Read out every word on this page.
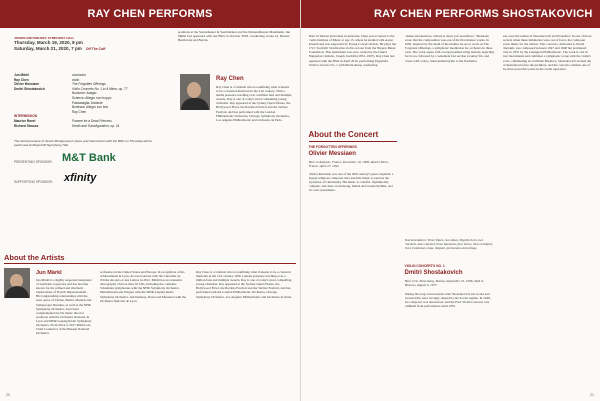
RAY CHEN PERFORMS
JOSEPH MEYERHOFF SYMPHONY HALL
Thursday, March 19, 2020, 8 pm
Saturday, March 21, 2020, 7 pm Off The Cuff
Jun Märkl	conductor
Ray Chen	violin
Olivier Messiaen	The Forgotten Offerings
Dmitri Shostakovich	Violin Concerto No. 1 in A Minor, op. 77
Nocturne: Adagio
Scherzo: Allegro non troppo
Passacaglia: Andante
Burlesca: Allegro con brio
Ray Chen
INTERMISSION
Maurice Ravel	Pavane for a Dead Princess
Richard Strauss	Death and Transfiguration, op. 24
The world premiere of Jessie Montgomery's piece and intermission with the BSO on Thursday will be performed at Meyerhoff Symphony Hall.
PRESENTING SPONSOR: M&T Bank
SUPPORTING SPONSOR: xfinity
positions at the Staatstheater in Saarbrücken and the Nationaltheater Mannheim. Jun Märkl last appeared with the BSO in October 2018, conducting works by Mozart, Beethoven and Bartók.
Ray Chen
Ray Chen is a violinist who is redefining what it means to be a classical musician in the 21st century. With a media presence reaching over a million fans and multiple awards, Ray is one of today's most compelling young violinists. Ray appeared at the Sydney Opera House, the Hollywood Bowl, the Ravinia Festival and the Verbier Festival, and has performed with the London Philharmonic Orchestra, Chicago Symphony Orchestra, Los Angeles Philharmonic and Orchestre de Paris.
About the Artists
Jun Märkl
Jun Märkl is a highly respected interpreter of Germanic repertoire and has become known for his refined and idiomatic explorations of French Impressionism. His longstanding relationships with the state opera of Vienna, Berlin, Munich and Semperoper Dresden, as well as the NHK Symphony Orchestra, have been complemented by his music director positions with the Orchestre National de Lyon and MDR Leipzig Radio Symphony Orchestra. From 2014 to 2017 Märkl was Chief Conductor of the Basque National Orchestra.
orchestras in the United States and Europe. In recognition of his achievements in Lyon, he was honored with the Chevalier de l'Ordre des Arts et des Lettres in 2012. Märkl has an extensive discography of more than 50 CDs, including the complete Schumann symphonies with the NHK Symphony Orchestra, Mendelssohn and Wagner with the MDR Leipzig Radio Symphony Orchestra, and Debussy, Ravel and Messiaen with the Orchestre National de Lyon.
Ray Chen is a violinist who is redefining what it means to be a classical musician in the 21st century. With a media presence reaching over a million fans and multiple awards, Ray is one of today's most compelling young violinists. Ray appeared at the Sydney Opera House, the Hollywood Bowl, the Ravinia Festival and the Verbier Festival, and has performed with the London Philharmonic Orchestra, Chicago Symphony Orchestra, Los Angeles Philharmonic and Orchestre de Paris.
20
RAY CHEN PERFORMS SHOSTAKOVICH
Born in Taiwan and raised in Australia, Chen was accepted to the Curtis Institute of Music at age 15, where he studied with Aaron Rosand and was supported by Young Concert Artists. He plays the 1715 'Joachim' Stradivarius violin on loan from the Nippon Music Foundation. This instrument was once owned by the famed Hungarian violinist, Joseph Joachim (1831–1907). Ray Chen last appeared with the BSO in April 2019, performing Paganini's Violin Concerto No. 1 with Marin Alsop conducting.
About the Concert
THE FORGOTTEN OFFERINGS
Olivier Messiaen
Born in Avignon, France, December 10, 1908; died in Paris, France, April 27, 1992
Olivier Messiaen was one of the 20th century's great originals: a deeply religious composer who used his music to express the mysteries of Christianity. His music is colorful, rhythmically complex, and drew on birdsong, Indian and Greek rhythms, and his own synesthesia.
"Amen surrounds us, culture is dead, you nourish us." Messiaen wrote that the composition was one of his first mature works. In 1930, inspired by the death of his mother, he set to work on The Forgotten Offerings, a symphonic meditation for orchestra in three parts. The work opens with a long-breathed string melody depicting the Cross, followed by a vehement fast section evoking Sin, and closes with a slow, transcendent hymn to the Eucharist.
Instrumentation: Three flutes, two oboes, English horn, two clarinets, bass clarinet, three bassoons, four horns, three trumpets, three trombones, tuba, timpani, percussion and strings.
VIOLIN CONCERTO NO. 1
Dmitri Shostakovich
Born in St. Petersburg, Russia, September 25, 1906; died in Moscow, August 9, 1975
During the long conversations with Shostakovich, his works and personal life were strongly shaped by the Soviet regime. In 1948, the composer was denounced, and the First Violin Concerto was withheld from performance until 1955.
less were the names of Shostakovich and Prokofiev. In one of those periods when these luminaries were out of favor, the composer wrote music for the drawer. This concerto, dedicated to David Oistrakh, was composed between 1947 and 1948 but premiered only in 1955 by the Leningrad Philharmonic. The work is cast in four movements and combines a symphonic scope with the violin's voice, culminating in a brilliant Burlesca. Shostakovich revised the orchestration before the premiere, and the concerto remains one of the most powerful works in the violin repertoire.
21
